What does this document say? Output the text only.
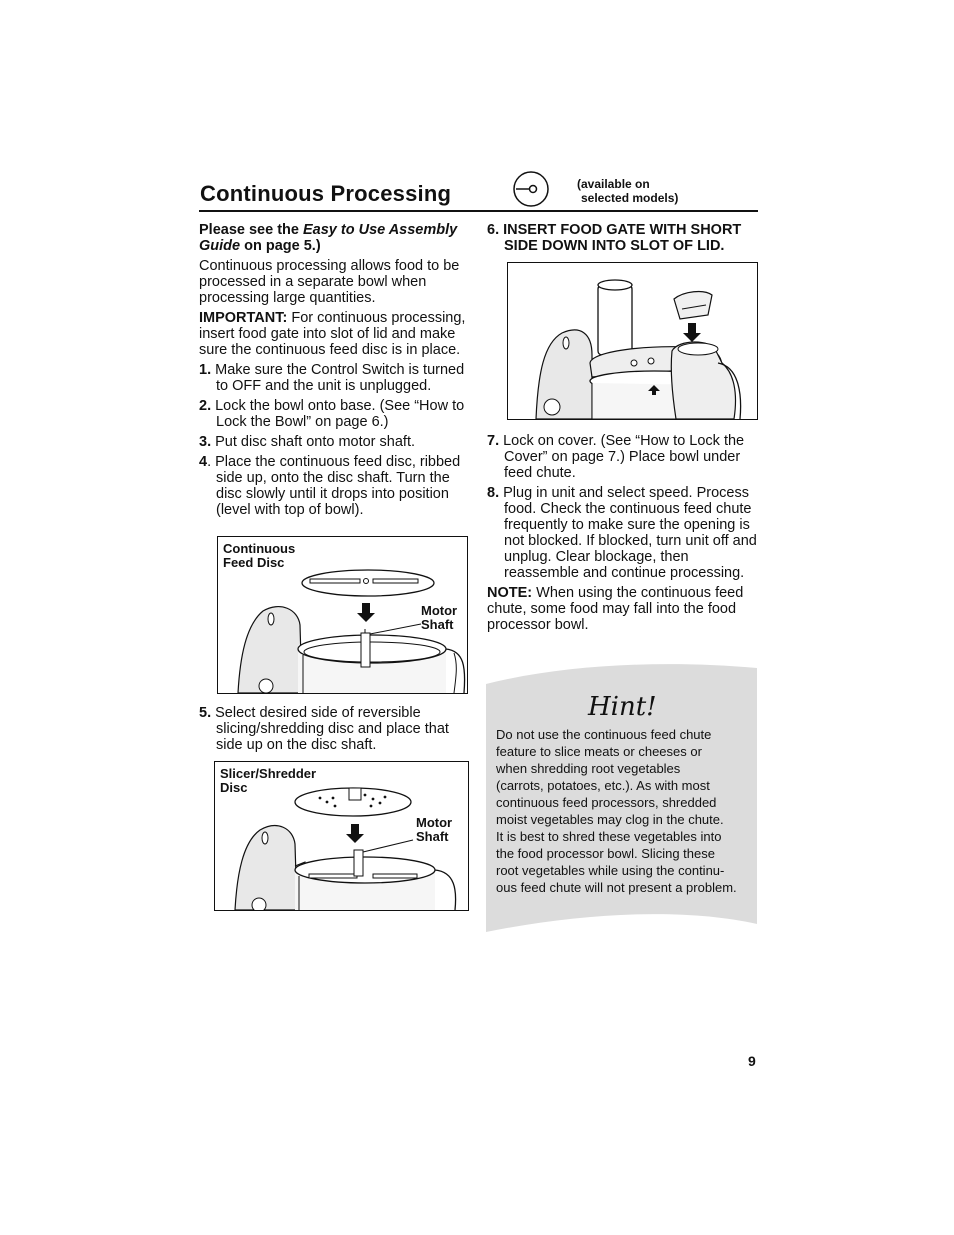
Continuous Processing	(available on
selected models)

Please see the Easy to Use Assembly Guide on page 5.)

Continuous processing allows food to be processed in a separate bowl when processing large quantities.

IMPORTANT: For continuous processing, insert food gate into slot of lid and make sure the continuous feed disc is in place.

1. Make sure the Control Switch is turned to OFF and the unit is unplugged.

2. Lock the bowl onto base. (See “How to Lock the Bowl” on page 6.)

3. Put disc shaft onto motor shaft.

4. Place the continuous feed disc, ribbed side up, onto the disc shaft. Turn the disc slowly until it drops into position (level with top of bowl).

Continuous
Feed Disc
Motor
Shaft

5. Select desired side of reversible slicing/shredding disc and place that side up on the disc shaft.

Slicer/Shredder
Disc
Motor
Shaft

6. INSERT FOOD GATE WITH SHORT SIDE DOWN INTO SLOT OF LID.

7. Lock on cover. (See “How to Lock the Cover” on page 7.) Place bowl under feed chute.

8. Plug in unit and select speed. Process food. Check the continuous feed chute frequently to make sure the opening is not blocked. If blocked, turn unit off and unplug. Clear blockage, then reassemble and continue processing.

NOTE: When using the continuous feed chute, some food may fall into the food processor bowl.

Hint!
Do not use the continuous feed chute
feature to slice meats or cheeses or
when shredding root vegetables
(carrots, potatoes, etc.). As with most
continuous feed processors, shredded
moist vegetables may clog in the chute.
It is best to shred these vegetables into
the food processor bowl. Slicing these
root vegetables while using the continu-
ous feed chute will not present a problem.
9
